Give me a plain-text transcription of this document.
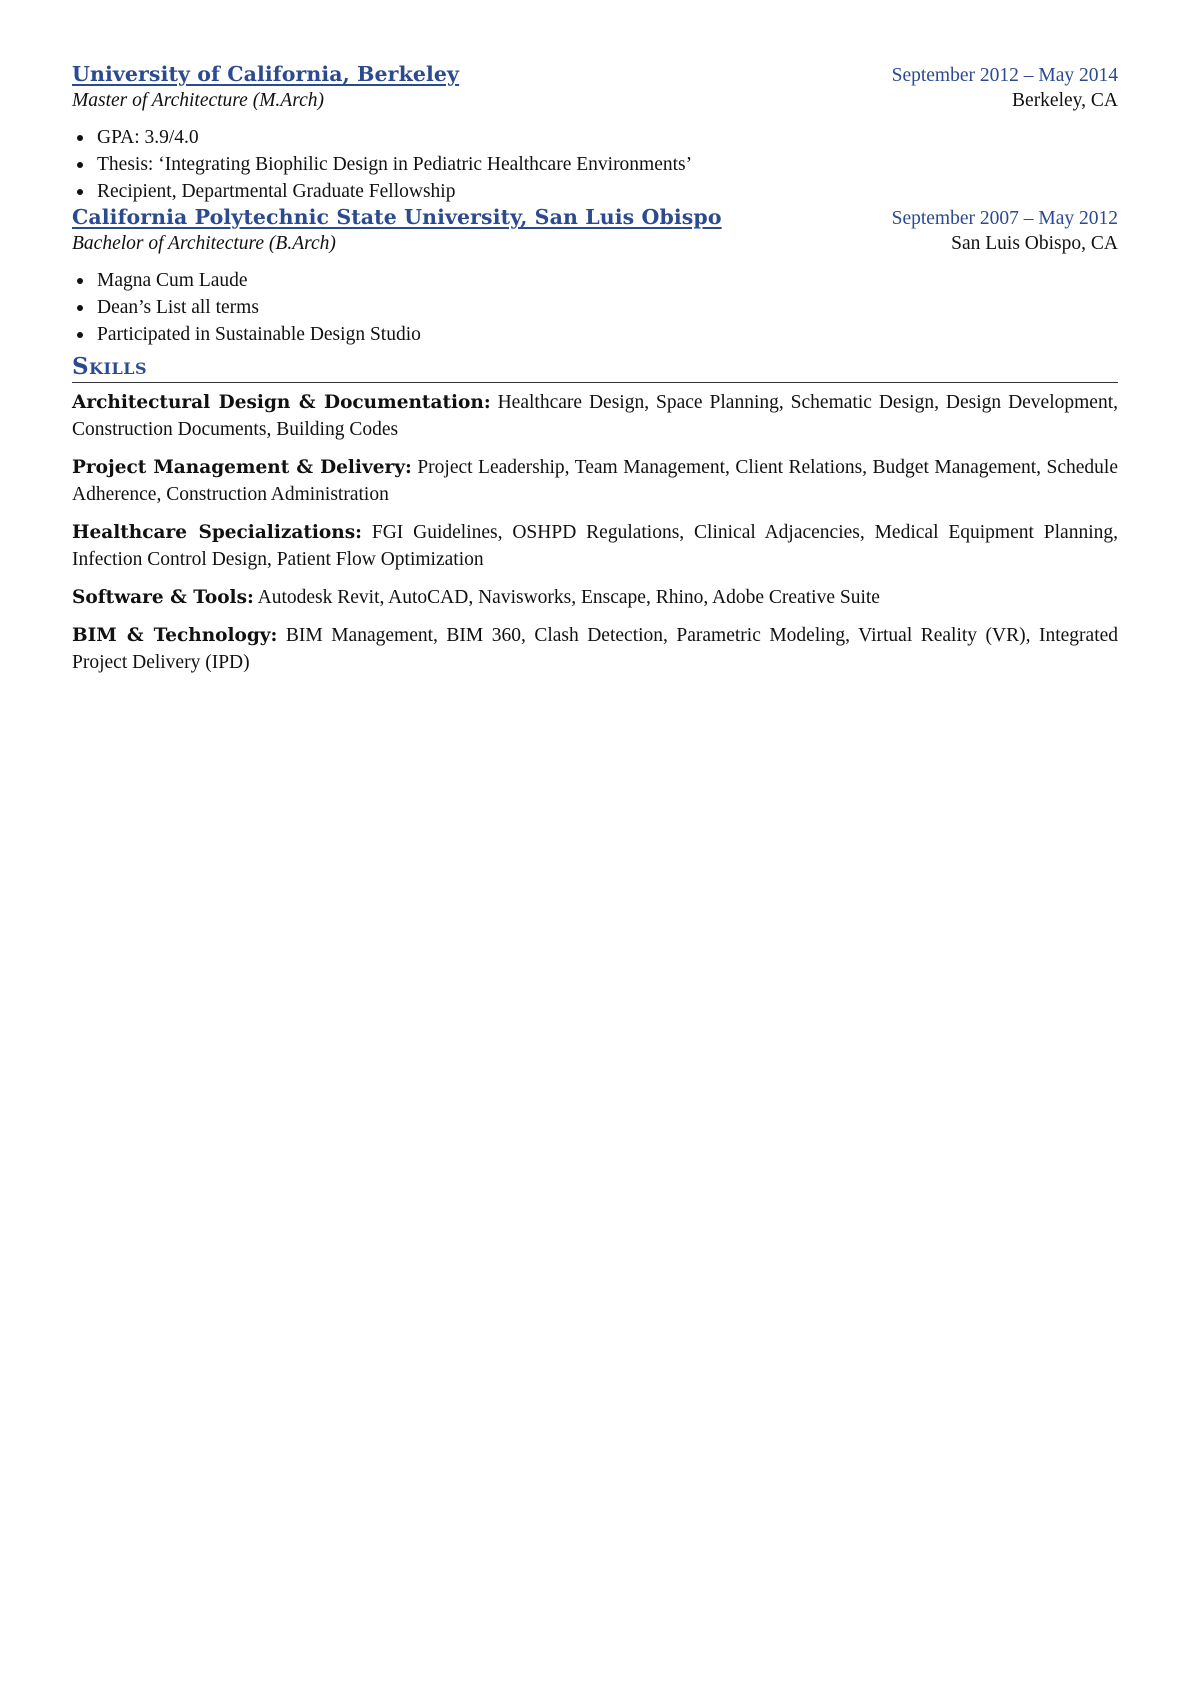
University of California, Berkeley	September 2012 – May 2014
Master of Architecture (M.Arch)	Berkeley, CA
GPA: 3.9/4.0
Thesis: ‘Integrating Biophilic Design in Pediatric Healthcare Environments’
Recipient, Departmental Graduate Fellowship
California Polytechnic State University, San Luis Obispo	September 2007 – May 2012
Bachelor of Architecture (B.Arch)	San Luis Obispo, CA
Magna Cum Laude
Dean’s List all terms
Participated in Sustainable Design Studio
Skills

Architectural Design & Documentation: Healthcare Design, Space Planning, Schematic Design, Design Development, Construction Documents, Building Codes

Project Management & Delivery: Project Leadership, Team Management, Client Relations, Budget Management, Schedule Adherence, Construction Administration

Healthcare Specializations: FGI Guidelines, OSHPD Regulations, Clinical Adjacencies, Medical Equipment Planning, Infection Control Design, Patient Flow Optimization

Software & Tools: Autodesk Revit, AutoCAD, Navisworks, Enscape, Rhino, Adobe Creative Suite

BIM & Technology: BIM Management, BIM 360, Clash Detection, Parametric Modeling, Virtual Reality (VR), Integrated Project Delivery (IPD)
